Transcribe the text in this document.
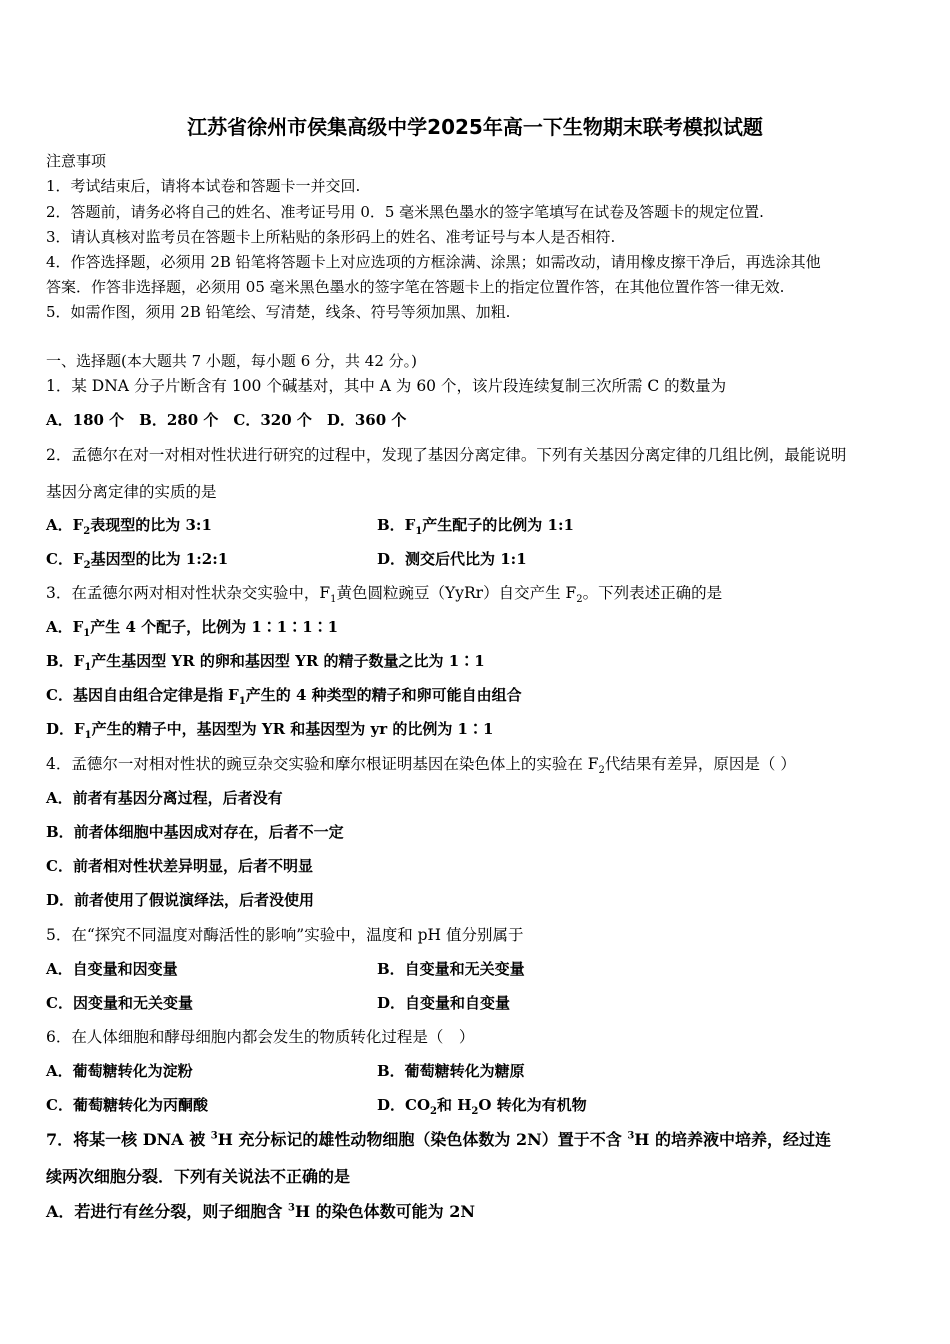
江苏省徐州市侯集高级中学2025年高一下生物期末联考模拟试题
注意事项
1．考试结束后，请将本试卷和答题卡一并交回.
2．答题前，请务必将自己的姓名、准考证号用 0．5 毫米黑色墨水的签字笔填写在试卷及答题卡的规定位置.
3．请认真核对监考员在答题卡上所粘贴的条形码上的姓名、准考证号与本人是否相符.
4．作答选择题，必须用 2B 铅笔将答题卡上对应选项的方框涂满、涂黑；如需改动，请用橡皮擦干净后，再选涂其他
答案．作答非选择题，必须用 05 毫米黑色墨水的签字笔在答题卡上的指定位置作答，在其他位置作答一律无效.
5．如需作图，须用 2B 铅笔绘、写清楚，线条、符号等须加黑、加粗.
一、选择题(本大题共 7 小题，每小题 6 分，共 42 分。)
1．某 DNA 分子片断含有 100 个碱基对，其中 A 为 60 个，该片段连续复制三次所需 C 的数量为
A．180 个　B．280 个　C．320 个　D．360 个
2．孟德尔在对一对相对性状进行研究的过程中，发现了基因分离定律。下列有关基因分离定律的几组比例，最能说明
基因分离定律的实质的是
A．$F_2$表现型的比为 3:1	B．$F_1$产生配子的比例为 1:1
C．$F_2$基因型的比为 1:2:1	D．测交后代比为 1:1
3．在孟德尔两对相对性状杂交实验中，$F_1$黄色圆粒豌豆（YyRr）自交产生 $F_2$。下列表述正确的是
A．$F_1$产生 4 个配子，比例为 1∶1∶1∶1
B．$F_1$产生基因型 YR 的卵和基因型 YR 的精子数量之比为 1∶1
C．基因自由组合定律是指 $F_1$产生的 4 种类型的精子和卵可能自由组合
D．$F_1$产生的精子中，基因型为 YR 和基因型为 yr 的比例为 1∶1
4．孟德尔一对相对性状的豌豆杂交实验和摩尔根证明基因在染色体上的实验在 $F_2$代结果有差异，原因是（ ）
A．前者有基因分离过程，后者没有
B．前者体细胞中基因成对存在，后者不一定
C．前者相对性状差异明显，后者不明显
D．前者使用了假说演绎法，后者没使用
5．在“探究不同温度对酶活性的影响”实验中，温度和 pH 值分别属于
A．自变量和因变量	B．自变量和无关变量
C．因变量和无关变量	D．自变量和自变量
6．在人体细胞和酵母细胞内都会发生的物质转化过程是（　）
A．葡萄糖转化为淀粉	B．葡萄糖转化为糖原
C．葡萄糖转化为丙酮酸	D．$CO_2$和 $H_2O$ 转化为有机物
7．将某一核 DNA 被 $^3$H 充分标记的雄性动物细胞（染色体数为 2N）置于不含 $^3$H 的培养液中培养，经过连
续两次细胞分裂．下列有关说法不正确的是
A．若进行有丝分裂，则子细胞含 $^3$H 的染色体数可能为 2N
